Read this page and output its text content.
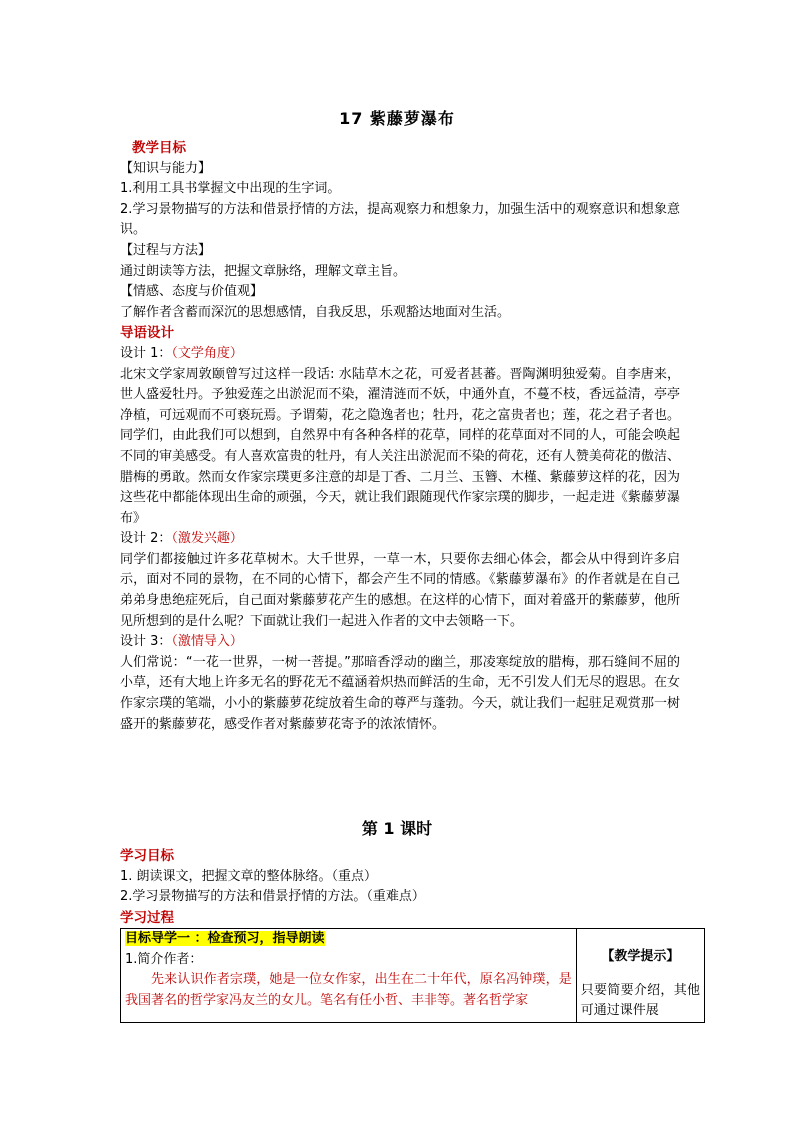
17 紫藤萝瀑布

教学目标

【知识与能力】

1.利用工具书掌握文中出现的生字词。

2.学习景物描写的方法和借景抒情的方法，提高观察力和想象力，加强生活中的观察意识和想象意识。

【过程与方法】

通过朗读等方法，把握文章脉络，理解文章主旨。

【情感、态度与价值观】

了解作者含蓄而深沉的思想感情，自我反思，乐观豁达地面对生活。

导语设计

设计 1：（文学角度）

北宋文学家周敦颐曾写过这样一段话: 水陆草木之花，可爱者甚蕃。晋陶渊明独爱菊。自李唐来，世人盛爱牡丹。予独爱莲之出淤泥而不染，濯清涟而不妖，中通外直，不蔓不枝，香远益清，亭亭净植，可远观而不可亵玩焉。予谓菊，花之隐逸者也；牡丹，花之富贵者也；莲，花之君子者也。同学们，由此我们可以想到，自然界中有各种各样的花草，同样的花草面对不同的人，可能会唤起不同的审美感受。有人喜欢富贵的牡丹，有人关注出淤泥而不染的荷花，还有人赞美荷花的傲洁、腊梅的勇敢。然而女作家宗璞更多注意的却是丁香、二月兰、玉簪、木槿、紫藤萝这样的花，因为这些花中都能体现出生命的顽强，今天，就让我们跟随现代作家宗璞的脚步，一起走进《紫藤萝瀑布》

设计 2：（激发兴趣）

同学们都接触过许多花草树木。大千世界，一草一木，只要你去细心体会，都会从中得到许多启示，面对不同的景物，在不同的心情下，都会产生不同的情感。《紫藤萝瀑布》的作者就是在自己弟弟身患绝症死后，自己面对紫藤萝花产生的感想。在这样的心情下，面对着盛开的紫藤萝，他所见所想到的是什么呢？下面就让我们一起进入作者的文中去领略一下。

设计 3：（激情导入）

人们常说：“一花一世界，一树一菩提。”那暗香浮动的幽兰，那凌寒绽放的腊梅，那石缝间不屈的小草，还有大地上许多无名的野花无不蕴涵着炽热而鲜活的生命，无不引发人们无尽的遐思。在女作家宗璞的笔端，小小的紫藤萝花绽放着生命的尊严与蓬勃。今天，就让我们一起驻足观赏那一树盛开的紫藤萝花，感受作者对紫藤萝花寄予的浓浓情怀。

第 1 课时

学习目标

1. 朗读课文，把握文章的整体脉络。（重点）

2.学习景物描写的方法和借景抒情的方法。（重难点）

学习过程

目标导学一 ：检查预习，指导朗读

1.简介作者：

先来认识作者宗璞，她是一位女作家，出生在二十年代，原名冯钟璞，是我国著名的哲学家冯友兰的女儿。笔名有任小哲、丰非等。著名哲学家

【教学提示】

只要简要介绍，其他可通过课件展
